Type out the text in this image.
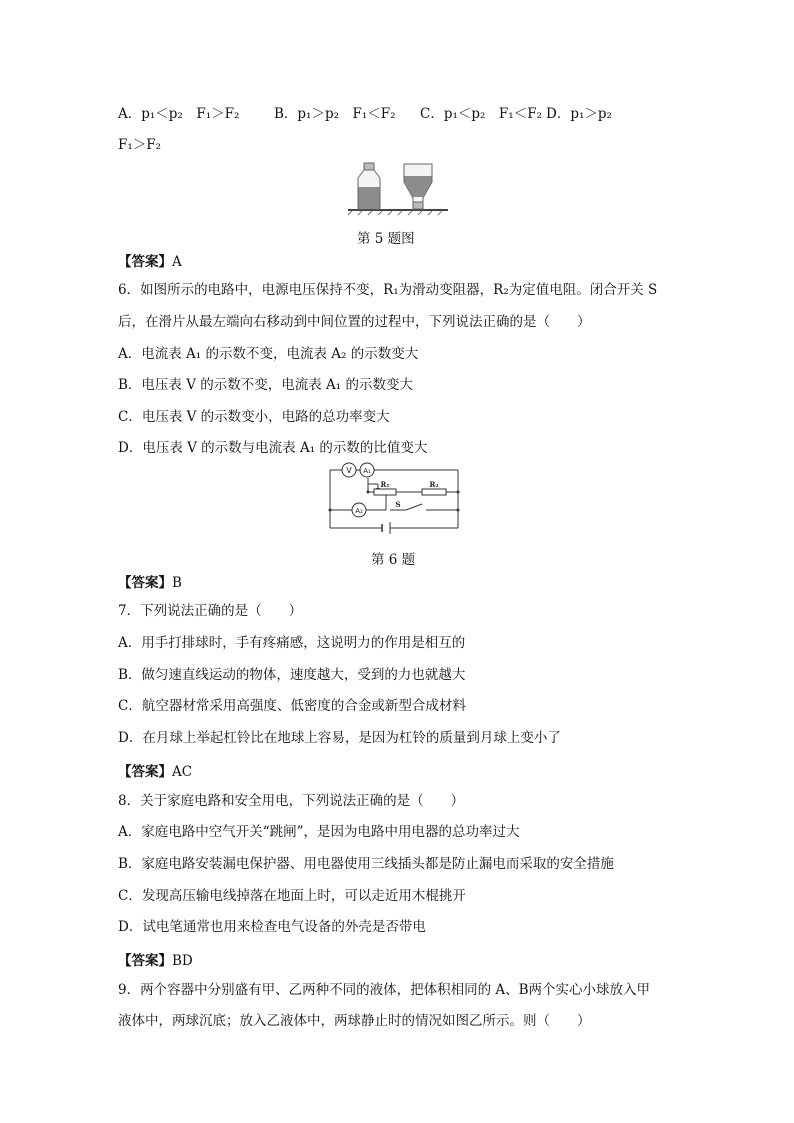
A．p₁＜p₂　F₁＞F₂	B．p₁＞p₂　F₁＜F₂ C．p₁＜p₂　F₁＜F₂ D．p₁＞p₂
F₁＞F₂
第 5 题图
【答案】A
6．如图所示的电路中，电源电压保持不变，R₁为滑动变阻器，R₂为定值电阻。闭合开关 S
后，在滑片从最左端向右移动到中间位置的过程中，下列说法正确的是（　　）
A．电流表 A₁ 的示数不变，电流表 A₂ 的示数变大
B．电压表 V 的示数不变，电流表 A₁ 的示数变大
C．电压表 V 的示数变小，电路的总功率变大
D．电压表 V 的示数与电流表 A₁ 的示数的比值变大
V A₁
A₂
R₁	R₂
S
第 6 题
【答案】B
7．下列说法正确的是（　　）
A．用手打排球时，手有疼痛感，这说明力的作用是相互的
B．做匀速直线运动的物体，速度越大，受到的力也就越大
C．航空器材常采用高强度、低密度的合金或新型合成材料
D．在月球上举起杠铃比在地球上容易，是因为杠铃的质量到月球上变小了
【答案】AC
8．关于家庭电路和安全用电，下列说法正确的是（　　）
A．家庭电路中空气开关“跳闸”，是因为电路中用电器的总功率过大
B．家庭电路安装漏电保护器、用电器使用三线插头都是防止漏电而采取的安全措施
C．发现高压输电线掉落在地面上时，可以走近用木棍挑开
D．试电笔通常也用来检查电气设备的外壳是否带电
【答案】BD
9．两个容器中分别盛有甲、乙两种不同的液体，把体积相同的 A、B两个实心小球放入甲
液体中，两球沉底；放入乙液体中，两球静止时的情况如图乙所示。则（　　）
